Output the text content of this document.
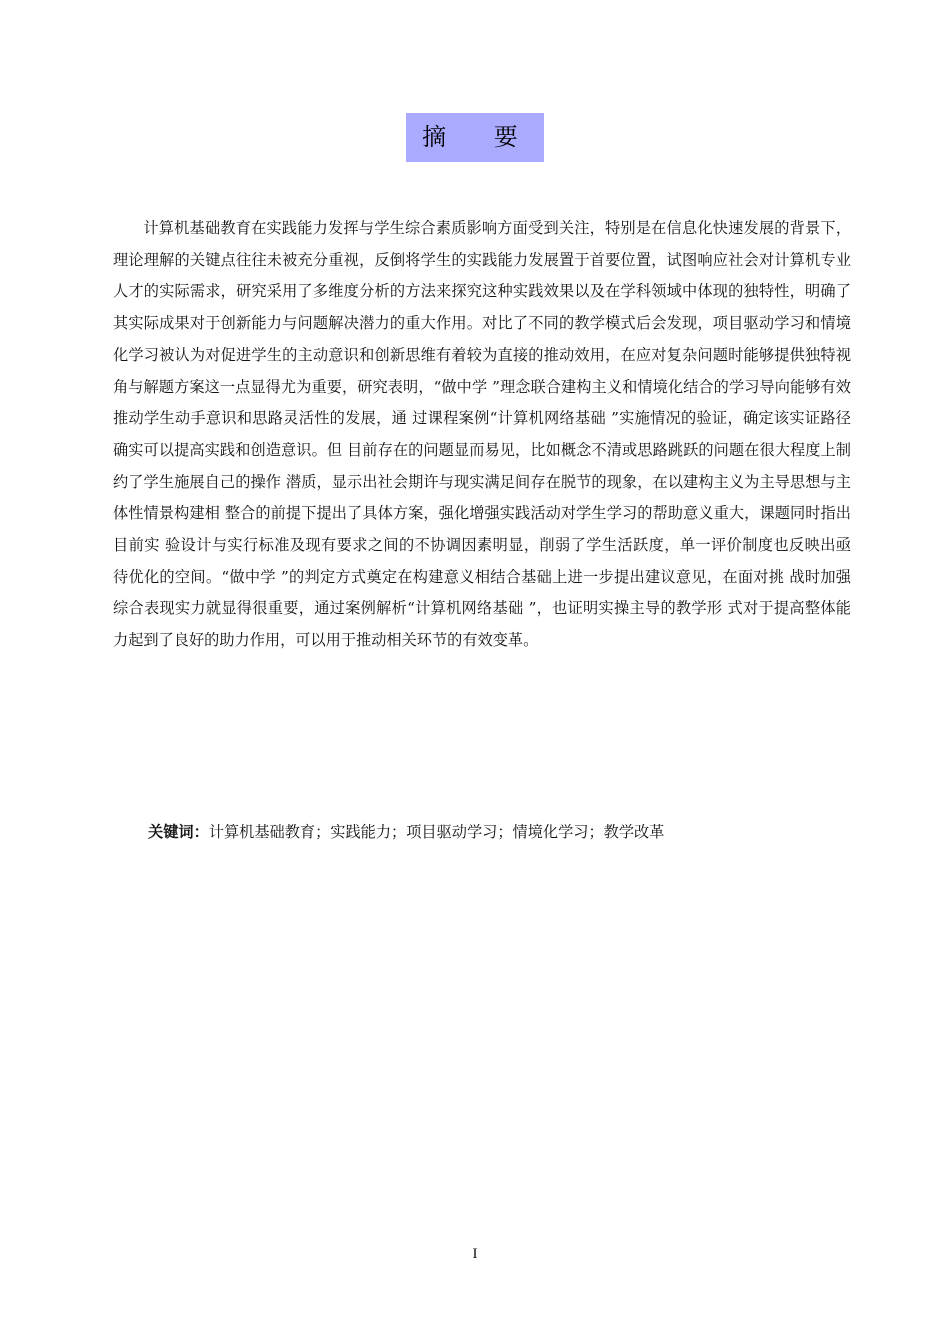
摘 要

计算机基础教育在实践能力发挥与学生综合素质影响方面受到关注，特别是在信息化快速发展的背景下，理论理解的关键点往往未被充分重视，反倒将学生的实践能力发展置于首要位置，试图响应社会对计算机专业人才的实际需求，研究采用了多维度分析的方法来探究这种实践效果以及在学科领域中体现的独特性，明确了其实际成果对于创新能力与问题解决潜力的重大作用。对比了不同的教学模式后会发现，项目驱动学习和情境化学习被认为对促进学生的主动意识和创新思维有着较为直接的推动效用，在应对复杂问题时能够提供独特视角与解题方案这一点显得尤为重要，研究表明，“做中学 ”理念联合建构主义和情境化结合的学习导向能够有效推动学生动手意识和思路灵活性的发展，通 过课程案例“计算机网络基础 ”实施情况的验证，确定该实证路径确实可以提高实践和创造意识。但 目前存在的问题显而易见，比如概念不清或思路跳跃的问题在很大程度上制约了学生施展自己的操作 潜质，显示出社会期许与现实满足间存在脱节的现象，在以建构主义为主导思想与主体性情景构建相 整合的前提下提出了具体方案，强化增强实践活动对学生学习的帮助意义重大，课题同时指出目前实 验设计与实行标准及现有要求之间的不协调因素明显，削弱了学生活跃度，单一评价制度也反映出亟 待优化的空间。“做中学 ”的判定方式奠定在构建意义相结合基础上进一步提出建议意见，在面对挑 战时加强综合表现实力就显得很重要，通过案例解析“计算机网络基础 ”，也证明实操主导的教学形 式对于提高整体能力起到了良好的助力作用，可以用于推动相关环节的有效变革。

关键词：计算机基础教育；实践能力；项目驱动学习；情境化学习；教学改革
I
